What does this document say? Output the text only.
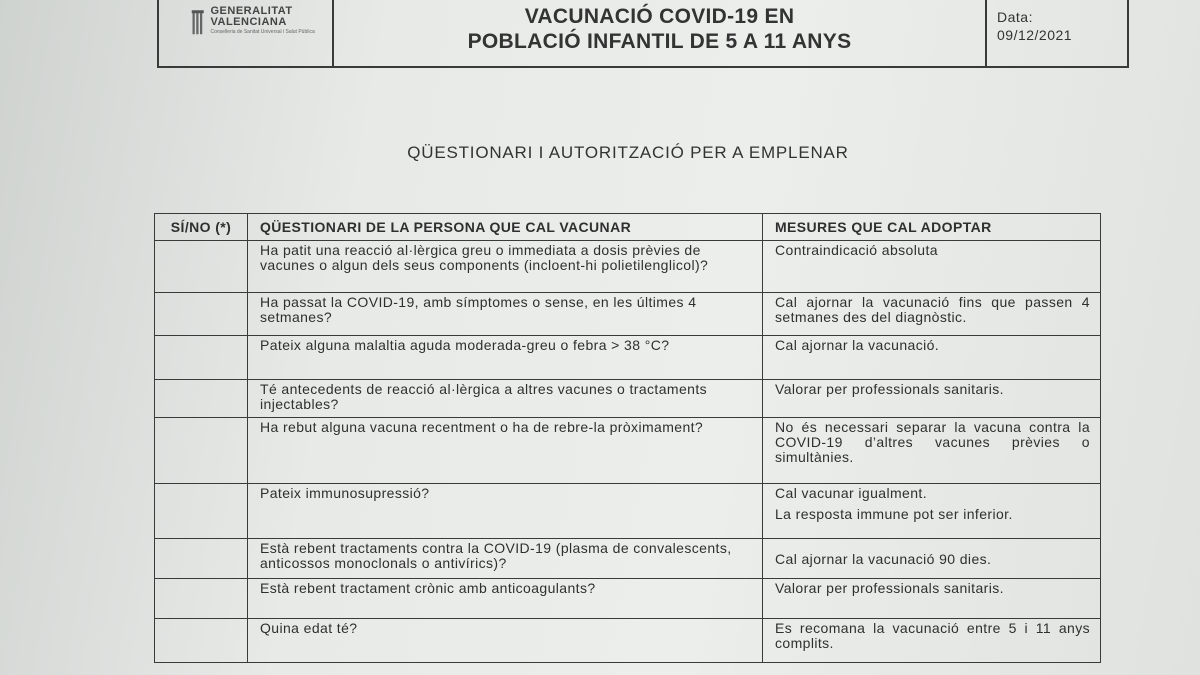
GENERALITAT VALENCIANA
Conselleria de Sanitat Universal i Salut Pública
VACUNACIÓ COVID-19 EN
POBLACIÓ INFANTIL DE 5 A 11 ANYS
Data:
09/12/2021
QÜESTIONARI I AUTORITZACIÓ PER A EMPLENAR
SÍ/NO (*)	QÜESTIONARI DE LA PERSONA QUE CAL VACUNAR	MESURES QUE CAL ADOPTAR
	Ha patit una reacció al·lèrgica greu o immediata a dosis prèvies de vacunes o algun dels seus components (incloent-hi polietilenglicol)?	Contraindicació absoluta

	Ha passat la COVID-19, amb símptomes o sense, en les últimes 4 setmanes?	Cal ajornar la vacunació fins que passen 4 setmanes des del diagnòstic.

	Pateix alguna malaltia aguda moderada-greu o febra > 38 °C?	Cal ajornar la vacunació.

	Té antecedents de reacció al·lèrgica a altres vacunes o tractaments injectables?	Valorar per professionals sanitaris.

	Ha rebut alguna vacuna recentment o ha de rebre-la pròximament?	No és necessari separar la vacuna contra la COVID-19 d’altres vacunes prèvies o simultànies.

	Pateix immunosupressió?	Cal vacunar igualment.

La resposta immune pot ser inferior.

	Està rebent tractaments contra la COVID-19 (plasma de convalescents, anticossos monoclonals o antivírics)?	Cal ajornar la vacunació 90 dies.

	Està rebent tractament crònic amb anticoagulants?	Valorar per professionals sanitaris.

	Quina edat té?	Es recomana la vacunació entre 5 i 11 anys complits.
